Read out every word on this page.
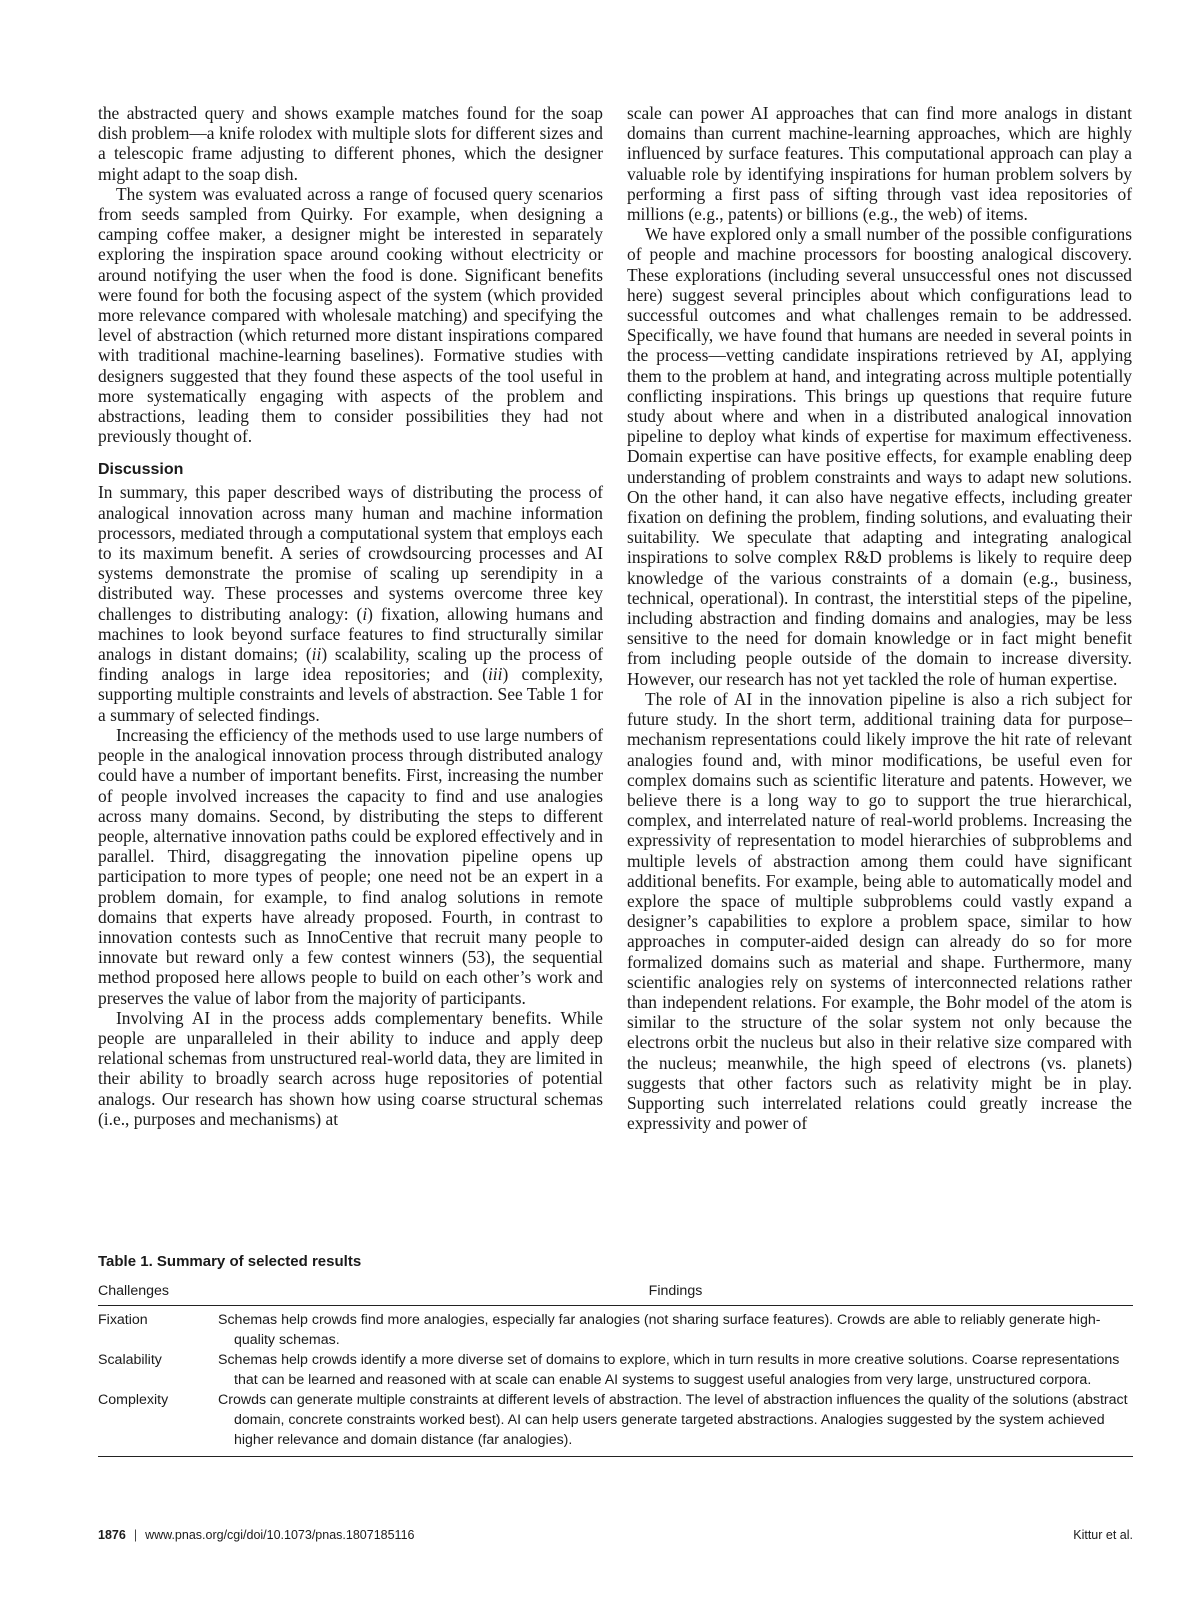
the abstracted query and shows example matches found for the soap dish problem—a knife rolodex with multiple slots for different sizes and a telescopic frame adjusting to different phones, which the designer might adapt to the soap dish.

The system was evaluated across a range of focused query scenarios from seeds sampled from Quirky. For example, when designing a camping coffee maker, a designer might be interested in separately exploring the inspiration space around cooking without electricity or around notifying the user when the food is done. Significant benefits were found for both the focusing aspect of the system (which provided more relevance compared with wholesale matching) and specifying the level of abstraction (which returned more distant inspirations compared with traditional machine-learning baselines). Formative studies with designers suggested that they found these aspects of the tool useful in more systematically engaging with aspects of the problem and abstractions, leading them to consider possibilities they had not previously thought of.

Discussion

In summary, this paper described ways of distributing the process of analogical innovation across many human and machine information processors, mediated through a computational system that employs each to its maximum benefit. A series of crowdsourcing processes and AI systems demonstrate the promise of scaling up serendipity in a distributed way. These processes and systems overcome three key challenges to distributing analogy: (i) fixation, allowing humans and machines to look beyond surface features to find structurally similar analogs in distant domains; (ii) scalability, scaling up the process of finding analogs in large idea repositories; and (iii) complexity, supporting multiple constraints and levels of abstraction. See Table 1 for a summary of selected findings.

Increasing the efficiency of the methods used to use large numbers of people in the analogical innovation process through distributed analogy could have a number of important benefits. First, increasing the number of people involved increases the capacity to find and use analogies across many domains. Second, by distributing the steps to different people, alternative innovation paths could be explored effectively and in parallel. Third, disaggregating the innovation pipeline opens up participation to more types of people; one need not be an expert in a problem domain, for example, to find analog solutions in remote domains that experts have already proposed. Fourth, in contrast to innovation contests such as InnoCentive that recruit many people to innovate but reward only a few contest winners (53), the sequential method proposed here allows people to build on each other’s work and preserves the value of labor from the majority of participants.

Involving AI in the process adds complementary benefits. While people are unparalleled in their ability to induce and apply deep relational schemas from unstructured real-world data, they are limited in their ability to broadly search across huge repositories of potential analogs. Our research has shown how using coarse structural schemas (i.e., purposes and mechanisms) at

scale can power AI approaches that can find more analogs in distant domains than current machine-learning approaches, which are highly influenced by surface features. This computational approach can play a valuable role by identifying inspirations for human problem solvers by performing a first pass of sifting through vast idea repositories of millions (e.g., patents) or billions (e.g., the web) of items.

We have explored only a small number of the possible configurations of people and machine processors for boosting analogical discovery. These explorations (including several unsuccessful ones not discussed here) suggest several principles about which configurations lead to successful outcomes and what challenges remain to be addressed. Specifically, we have found that humans are needed in several points in the process—vetting candidate inspirations retrieved by AI, applying them to the problem at hand, and integrating across multiple potentially conflicting inspirations. This brings up questions that require future study about where and when in a distributed analogical innovation pipeline to deploy what kinds of expertise for maximum effectiveness. Domain expertise can have positive effects, for example enabling deep understanding of problem constraints and ways to adapt new solutions. On the other hand, it can also have negative effects, including greater fixation on defining the problem, finding solutions, and evaluating their suitability. We speculate that adapting and integrating analogical inspirations to solve complex R&D problems is likely to require deep knowledge of the various constraints of a domain (e.g., business, technical, operational). In contrast, the interstitial steps of the pipeline, including abstraction and finding domains and analogies, may be less sensitive to the need for domain knowledge or in fact might benefit from including people outside of the domain to increase diversity. However, our research has not yet tackled the role of human expertise.

The role of AI in the innovation pipeline is also a rich subject for future study. In the short term, additional training data for purpose–mechanism representations could likely improve the hit rate of relevant analogies found and, with minor modifications, be useful even for complex domains such as scientific literature and patents. However, we believe there is a long way to go to support the true hierarchical, complex, and interrelated nature of real-world problems. Increasing the expressivity of representation to model hierarchies of subproblems and multiple levels of abstraction among them could have significant additional benefits. For example, being able to automatically model and explore the space of multiple subproblems could vastly expand a designer’s capabilities to explore a problem space, similar to how approaches in computer-aided design can already do so for more formalized domains such as material and shape. Furthermore, many scientific analogies rely on systems of interconnected relations rather than independent relations. For example, the Bohr model of the atom is similar to the structure of the solar system not only because the electrons orbit the nucleus but also in their relative size compared with the nucleus; meanwhile, the high speed of electrons (vs. planets) suggests that other factors such as relativity might be in play. Supporting such interrelated relations could greatly increase the expressivity and power of

Table 1. Summary of selected results
Challenges	Findings
Fixation	Schemas help crowds find more analogies, especially far analogies (not sharing surface features). Crowds are able to reliably generate high-quality schemas.
Scalability	Schemas help crowds identify a more diverse set of domains to explore, which in turn results in more creative solutions. Coarse representations that can be learned and reasoned with at scale can enable AI systems to suggest useful analogies from very large, unstructured corpora.
Complexity	Crowds can generate multiple constraints at different levels of abstraction. The level of abstraction influences the quality of the solutions (abstract domain, concrete constraints worked best). AI can help users generate targeted abstractions. Analogies suggested by the system achieved higher relevance and domain distance (far analogies).
1876 | www.pnas.org/cgi/doi/10.1073/pnas.1807185116	Kittur et al.
